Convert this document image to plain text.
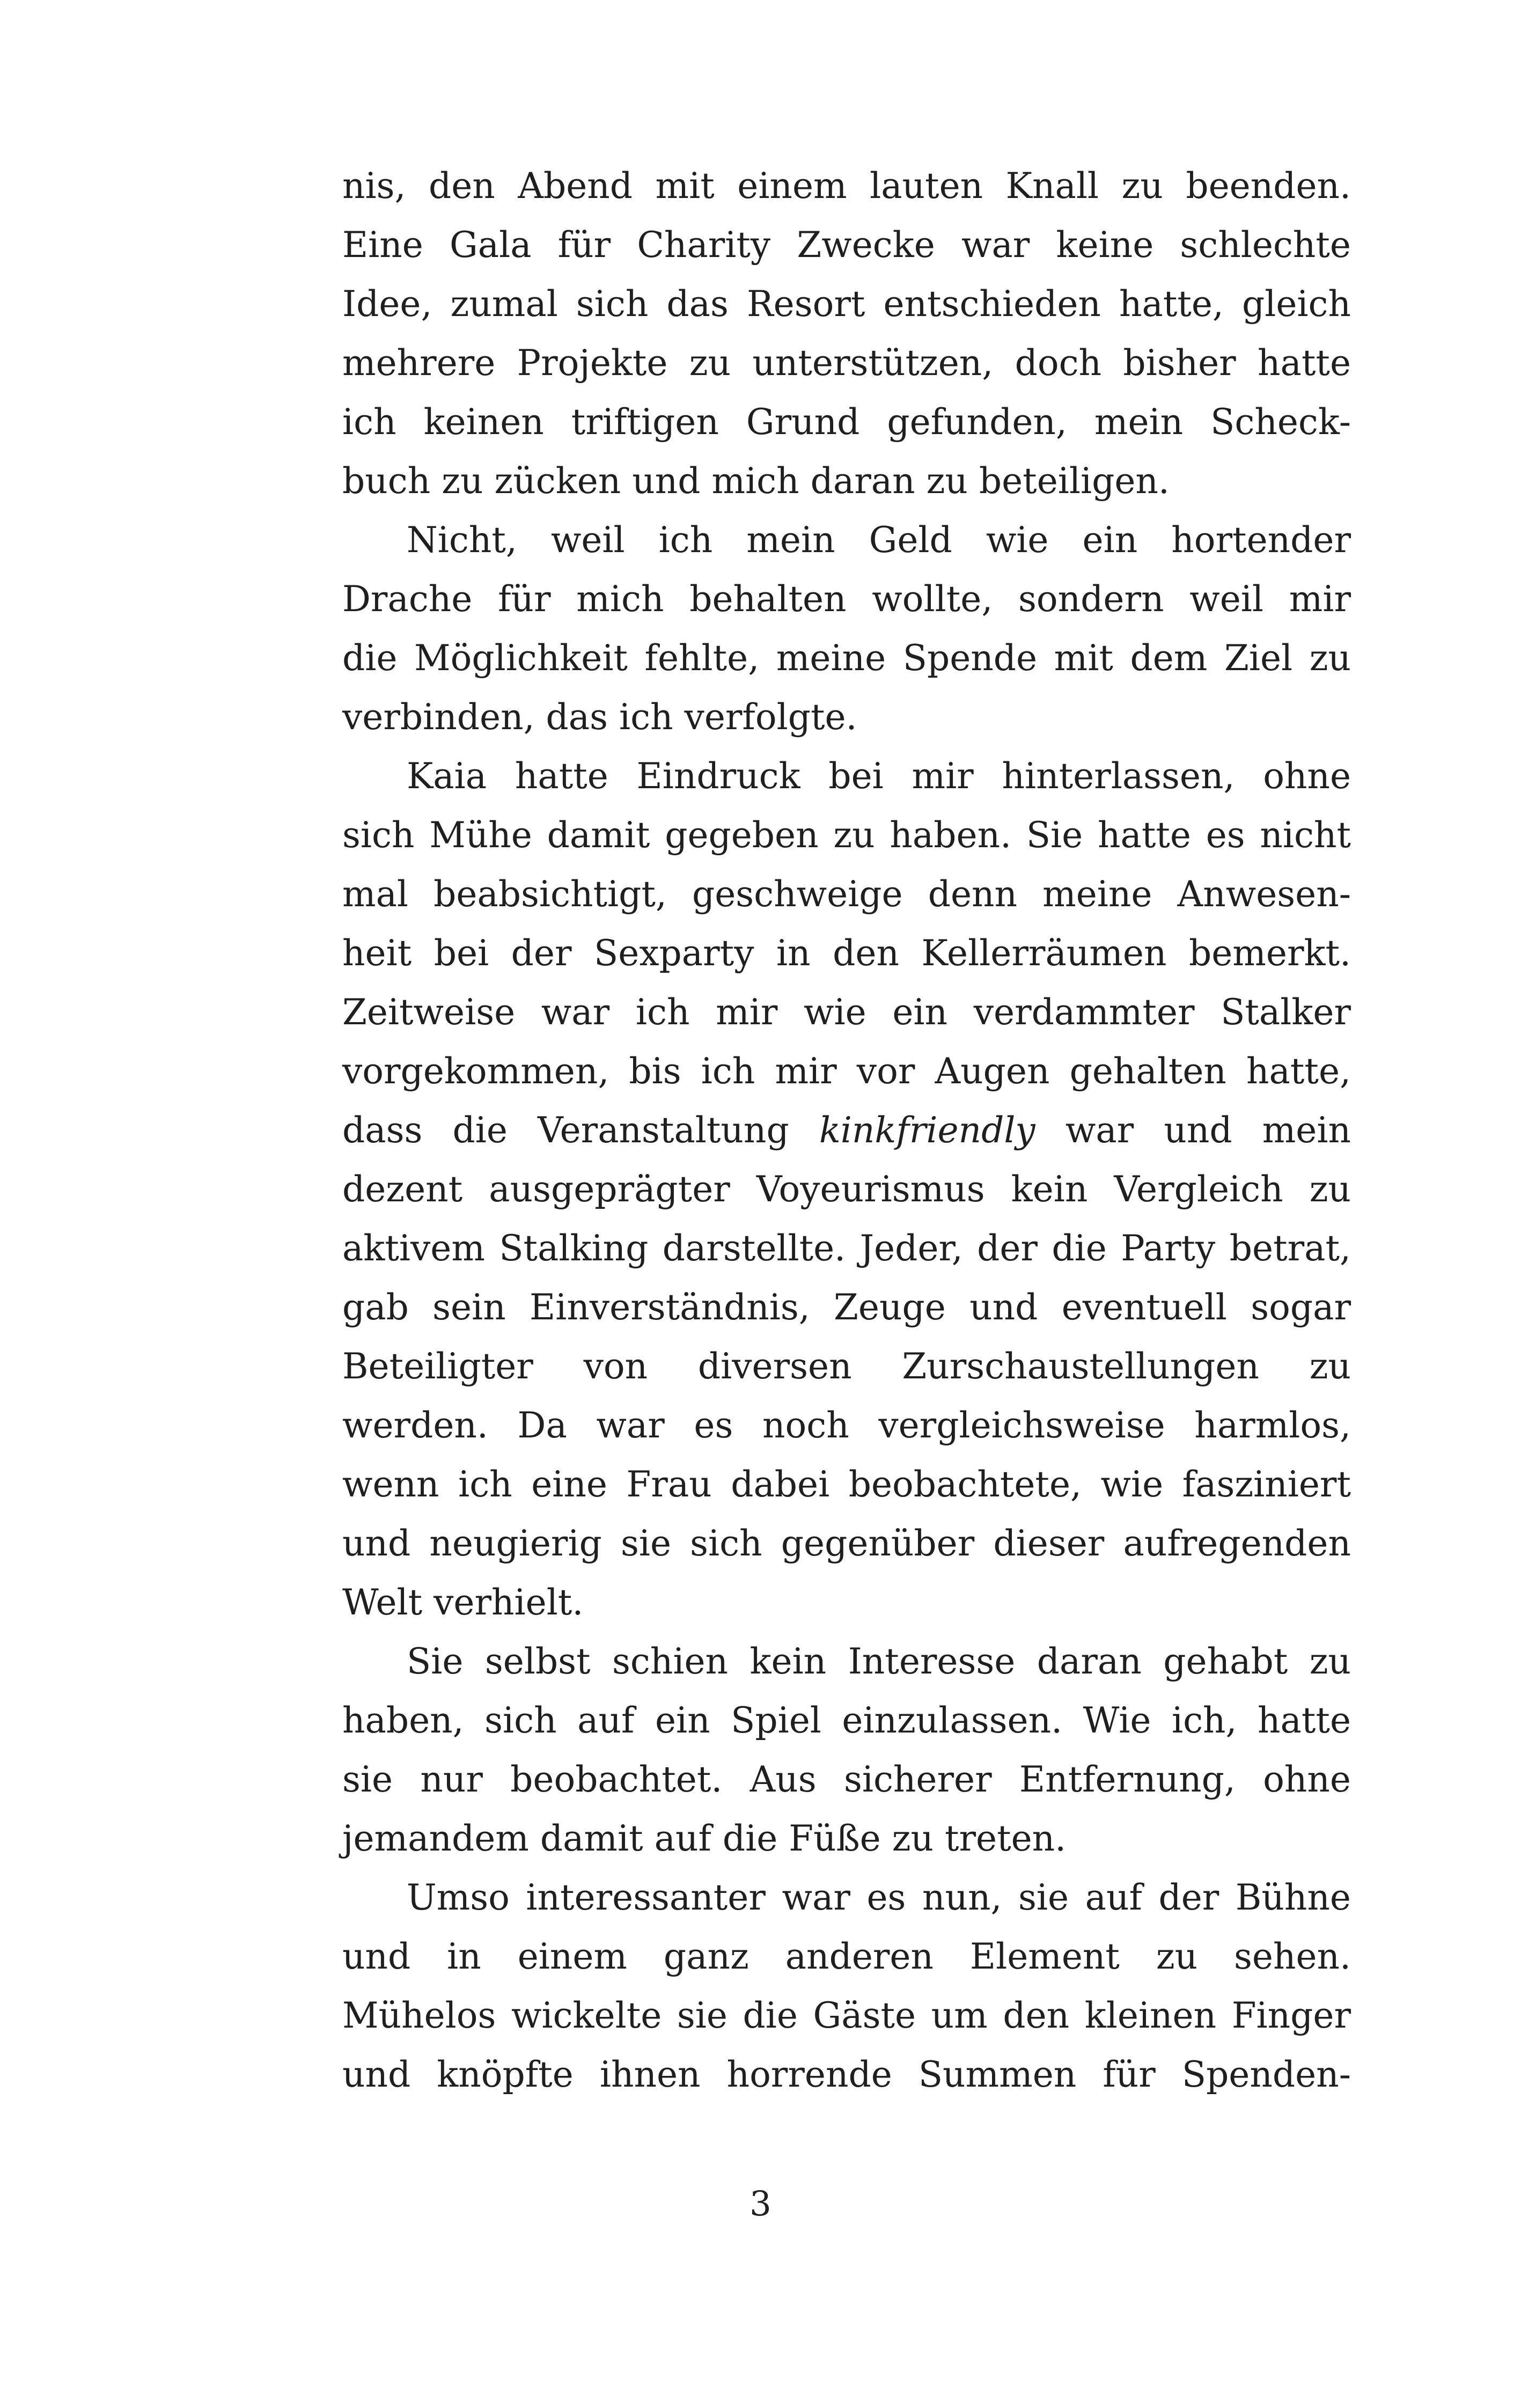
nis, den Abend mit einem lauten Knall zu beenden.
Eine Gala für Charity Zwecke war keine schlechte
Idee, zumal sich das Resort entschieden hatte, gleich
mehrere Projekte zu unterstützen, doch bisher hatte
ich keinen triftigen Grund gefunden, mein Scheck-
buch zu zücken und mich daran zu beteiligen.
Nicht, weil ich mein Geld wie ein hortender
Drache für mich behalten wollte, sondern weil mir
die Möglichkeit fehlte, meine Spende mit dem Ziel zu
verbinden, das ich verfolgte.
Kaia hatte Eindruck bei mir hinterlassen, ohne
sich Mühe damit gegeben zu haben. Sie hatte es nicht
mal beabsichtigt, geschweige denn meine Anwesen-
heit bei der Sexparty in den Kellerräumen bemerkt.
Zeitweise war ich mir wie ein verdammter Stalker
vorgekommen, bis ich mir vor Augen gehalten hatte,
dass die Veranstaltung kinkfriendly war und mein
dezent ausgeprägter Voyeurismus kein Vergleich zu
aktivem Stalking darstellte. Jeder, der die Party betrat,
gab sein Einverständnis, Zeuge und eventuell sogar
Beteiligter von diversen Zurschaustellungen zu
werden. Da war es noch vergleichsweise harmlos,
wenn ich eine Frau dabei beobachtete, wie fasziniert
und neugierig sie sich gegenüber dieser aufregenden
Welt verhielt.
Sie selbst schien kein Interesse daran gehabt zu
haben, sich auf ein Spiel einzulassen. Wie ich, hatte
sie nur beobachtet. Aus sicherer Entfernung, ohne
jemandem damit auf die Füße zu treten.
Umso interessanter war es nun, sie auf der Bühne
und in einem ganz anderen Element zu sehen.
Mühelos wickelte sie die Gäste um den kleinen Finger
und knöpfte ihnen horrende Summen für Spenden-
3
